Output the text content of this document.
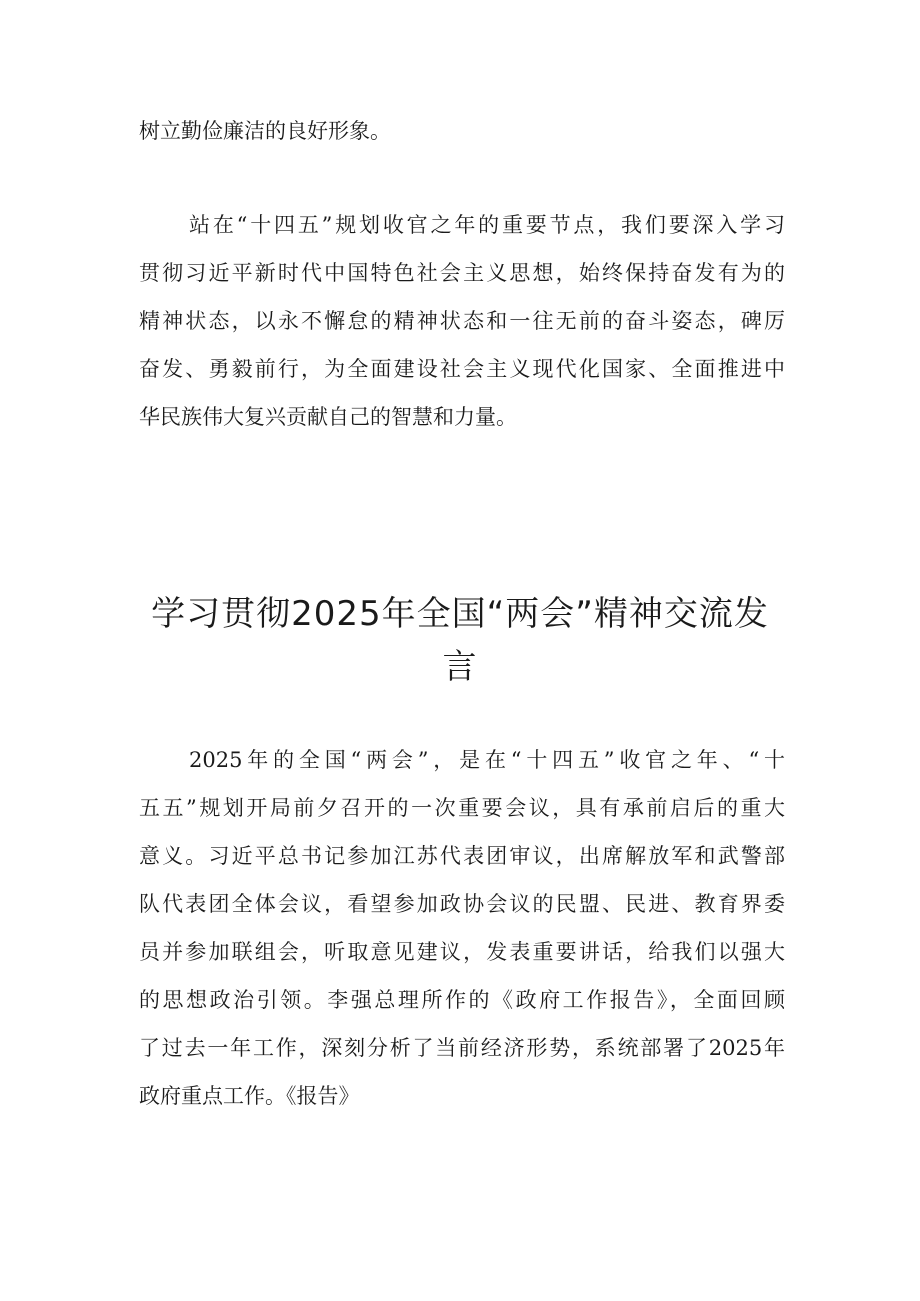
树立勤俭廉洁的良好形象。

站在“十四五”规划收官之年的重要节点，我们要深入学习

贯彻习近平新时代中国特色社会主义思想，始终保持奋发有为的

精神状态，以永不懈怠的精神状态和一往无前的奋斗姿态，碑厉

奋发、勇毅前行，为全面建设社会主义现代化国家、全面推进中

华民族伟大复兴贡献自己的智慧和力量。

学习贯彻2025年全国“两会”精神交流发
言

2025年的全国“两会”，是在“十四五”收官之年、“十

五五”规划开局前夕召开的一次重要会议，具有承前启后的重大

意义。习近平总书记参加江苏代表团审议，出席解放军和武警部

队代表团全体会议，看望参加政协会议的民盟、民进、教育界委

员并参加联组会，听取意见建议，发表重要讲话，给我们以强大

的思想政治引领。李强总理所作的《政府工作报告》，全面回顾

了过去一年工作，深刻分析了当前经济形势，系统部署了2025年

政府重点工作。《报告》
